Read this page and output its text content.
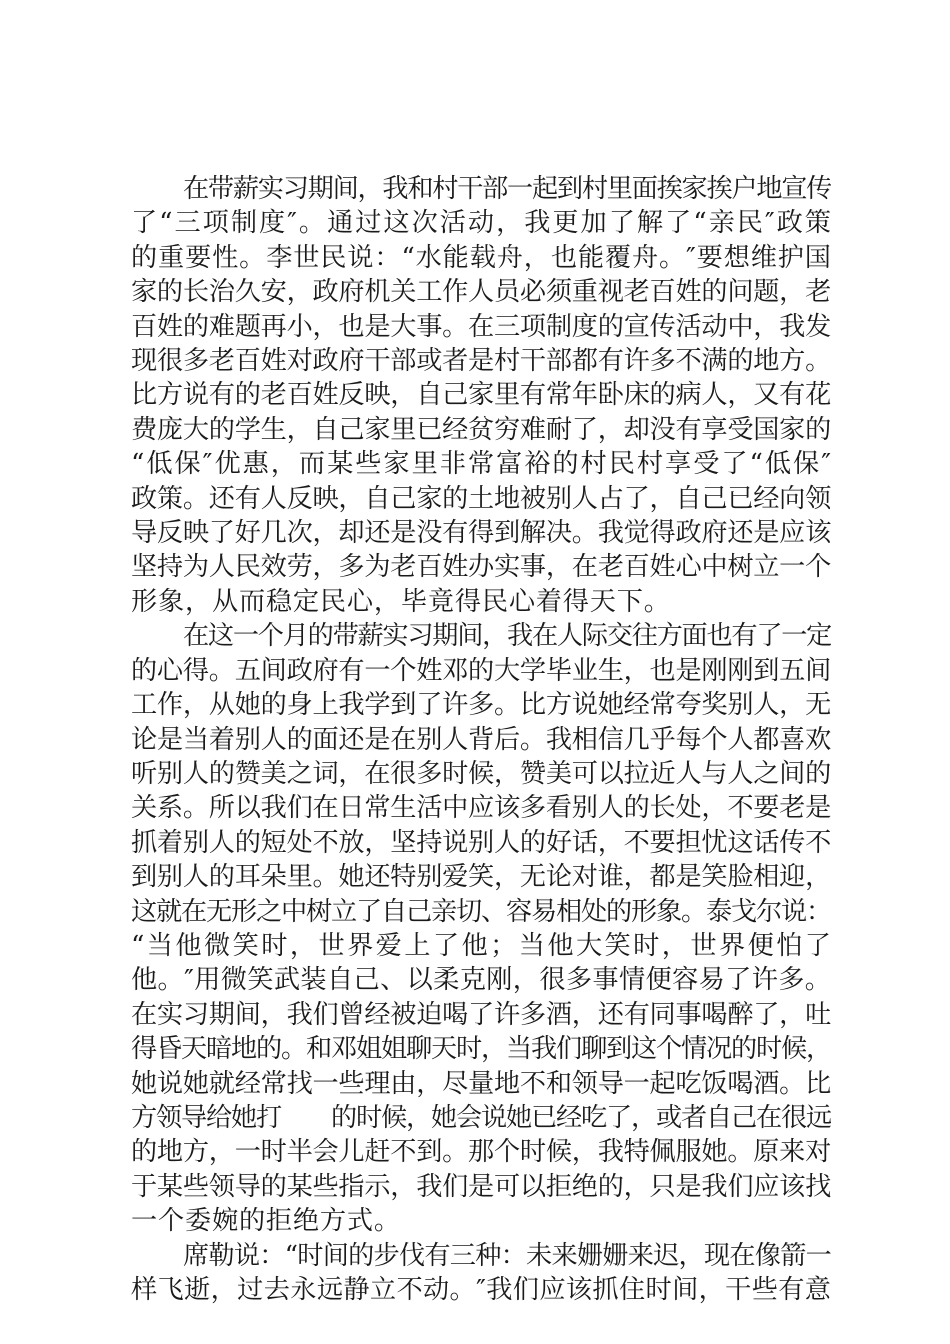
在带薪实习期间，我和村干部一起到村里面挨家挨户地宣传
了“三项制度″。通过这次活动，我更加了解了“亲民″政策
的重要性。李世民说：“水能载舟，也能覆舟。″要想维护国
家的长治久安，政府机关工作人员必须重视老百姓的问题，老
百姓的难题再小，也是大事。在三项制度的宣传活动中，我发
现很多老百姓对政府干部或者是村干部都有许多不满的地方。
比方说有的老百姓反映，自己家里有常年卧床的病人，又有花
费庞大的学生，自己家里已经贫穷难耐了，却没有享受国家的
“低保″优惠，而某些家里非常富裕的村民村享受了“低保″
政策。还有人反映，自己家的土地被别人占了，自己已经向领
导反映了好几次，却还是没有得到解决。我觉得政府还是应该
坚持为人民效劳，多为老百姓办实事，在老百姓心中树立一个
形象，从而稳定民心，毕竟得民心着得天下。
在这一个月的带薪实习期间，我在人际交往方面也有了一定
的心得。五间政府有一个姓邓的大学毕业生，也是刚刚到五间
工作，从她的身上我学到了许多。比方说她经常夸奖别人，无
论是当着别人的面还是在别人背后。我相信几乎每个人都喜欢
听别人的赞美之词，在很多时候，赞美可以拉近人与人之间的
关系。所以我们在日常生活中应该多看别人的长处，不要老是
抓着别人的短处不放，坚持说别人的好话，不要担忧这话传不
到别人的耳朵里。她还特别爱笑，无论对谁，都是笑脸相迎，
这就在无形之中树立了自己亲切、容易相处的形象。泰戈尔说：
“当他微笑时，世界爱上了他；当他大笑时，世界便怕了
他。″用微笑武装自己、以柔克刚，很多事情便容易了许多。
在实习期间，我们曾经被迫喝了许多酒，还有同事喝醉了，吐
得昏天暗地的。和邓姐姐聊天时，当我们聊到这个情况的时候，
她说她就经常找一些理由，尽量地不和领导一起吃饭喝酒。比
方领导给她打　　的时候，她会说她已经吃了，或者自己在很远
的地方，一时半会儿赶不到。那个时候，我特佩服她。原来对
于某些领导的某些指示，我们是可以拒绝的，只是我们应该找
一个委婉的拒绝方式。
席勒说：“时间的步伐有三种：未来姗姗来迟，现在像箭一
样飞逝，过去永远静立不动。″我们应该抓住时间，干些有意
